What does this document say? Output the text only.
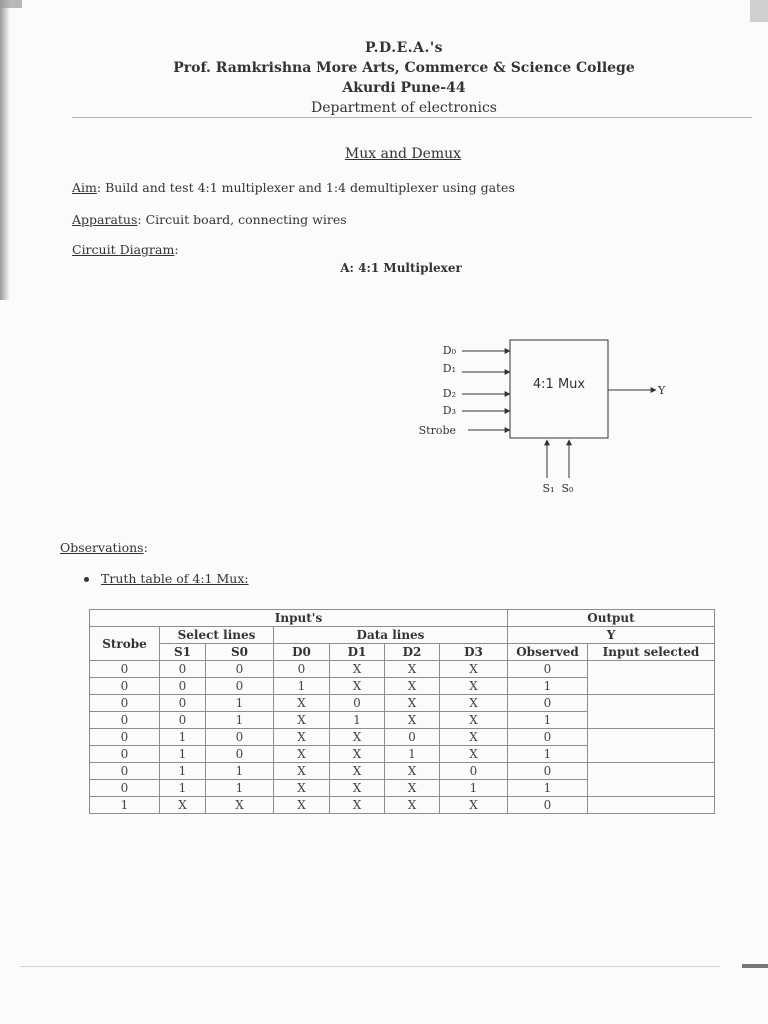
P.D.E.A.'s
Prof. Ramkrishna More Arts, Commerce & Science College
Akurdi Pune-44
Department of electronics
Mux and Demux
Aim: Build and test 4:1 multiplexer and 1:4 demultiplexer using gates
Apparatus: Circuit board, connecting wires
Circuit Diagram:
A: 4:1 Multiplexer
4:1 Mux
D₀
D₁
D₂
D₃
Strobe
Y
S₁  S₀
Observations:
Truth table of 4:1 Mux:
Input's							Output	
Strobe	Select lines		Data lines				Y	
	S1	S0	D0	D1	D2	D3	Observed	Input selected
0	0	0	0	X	X	X	0	
0	0	0	1	X	X	X	1	
0	0	1	X	0	X	X	0	
0	0	1	X	1	X	X	1	
0	1	0	X	X	0	X	0	
0	1	0	X	X	1	X	1	
0	1	1	X	X	X	0	0	
0	1	1	X	X	X	1	1	
1	X	X	X	X	X	X	0	
